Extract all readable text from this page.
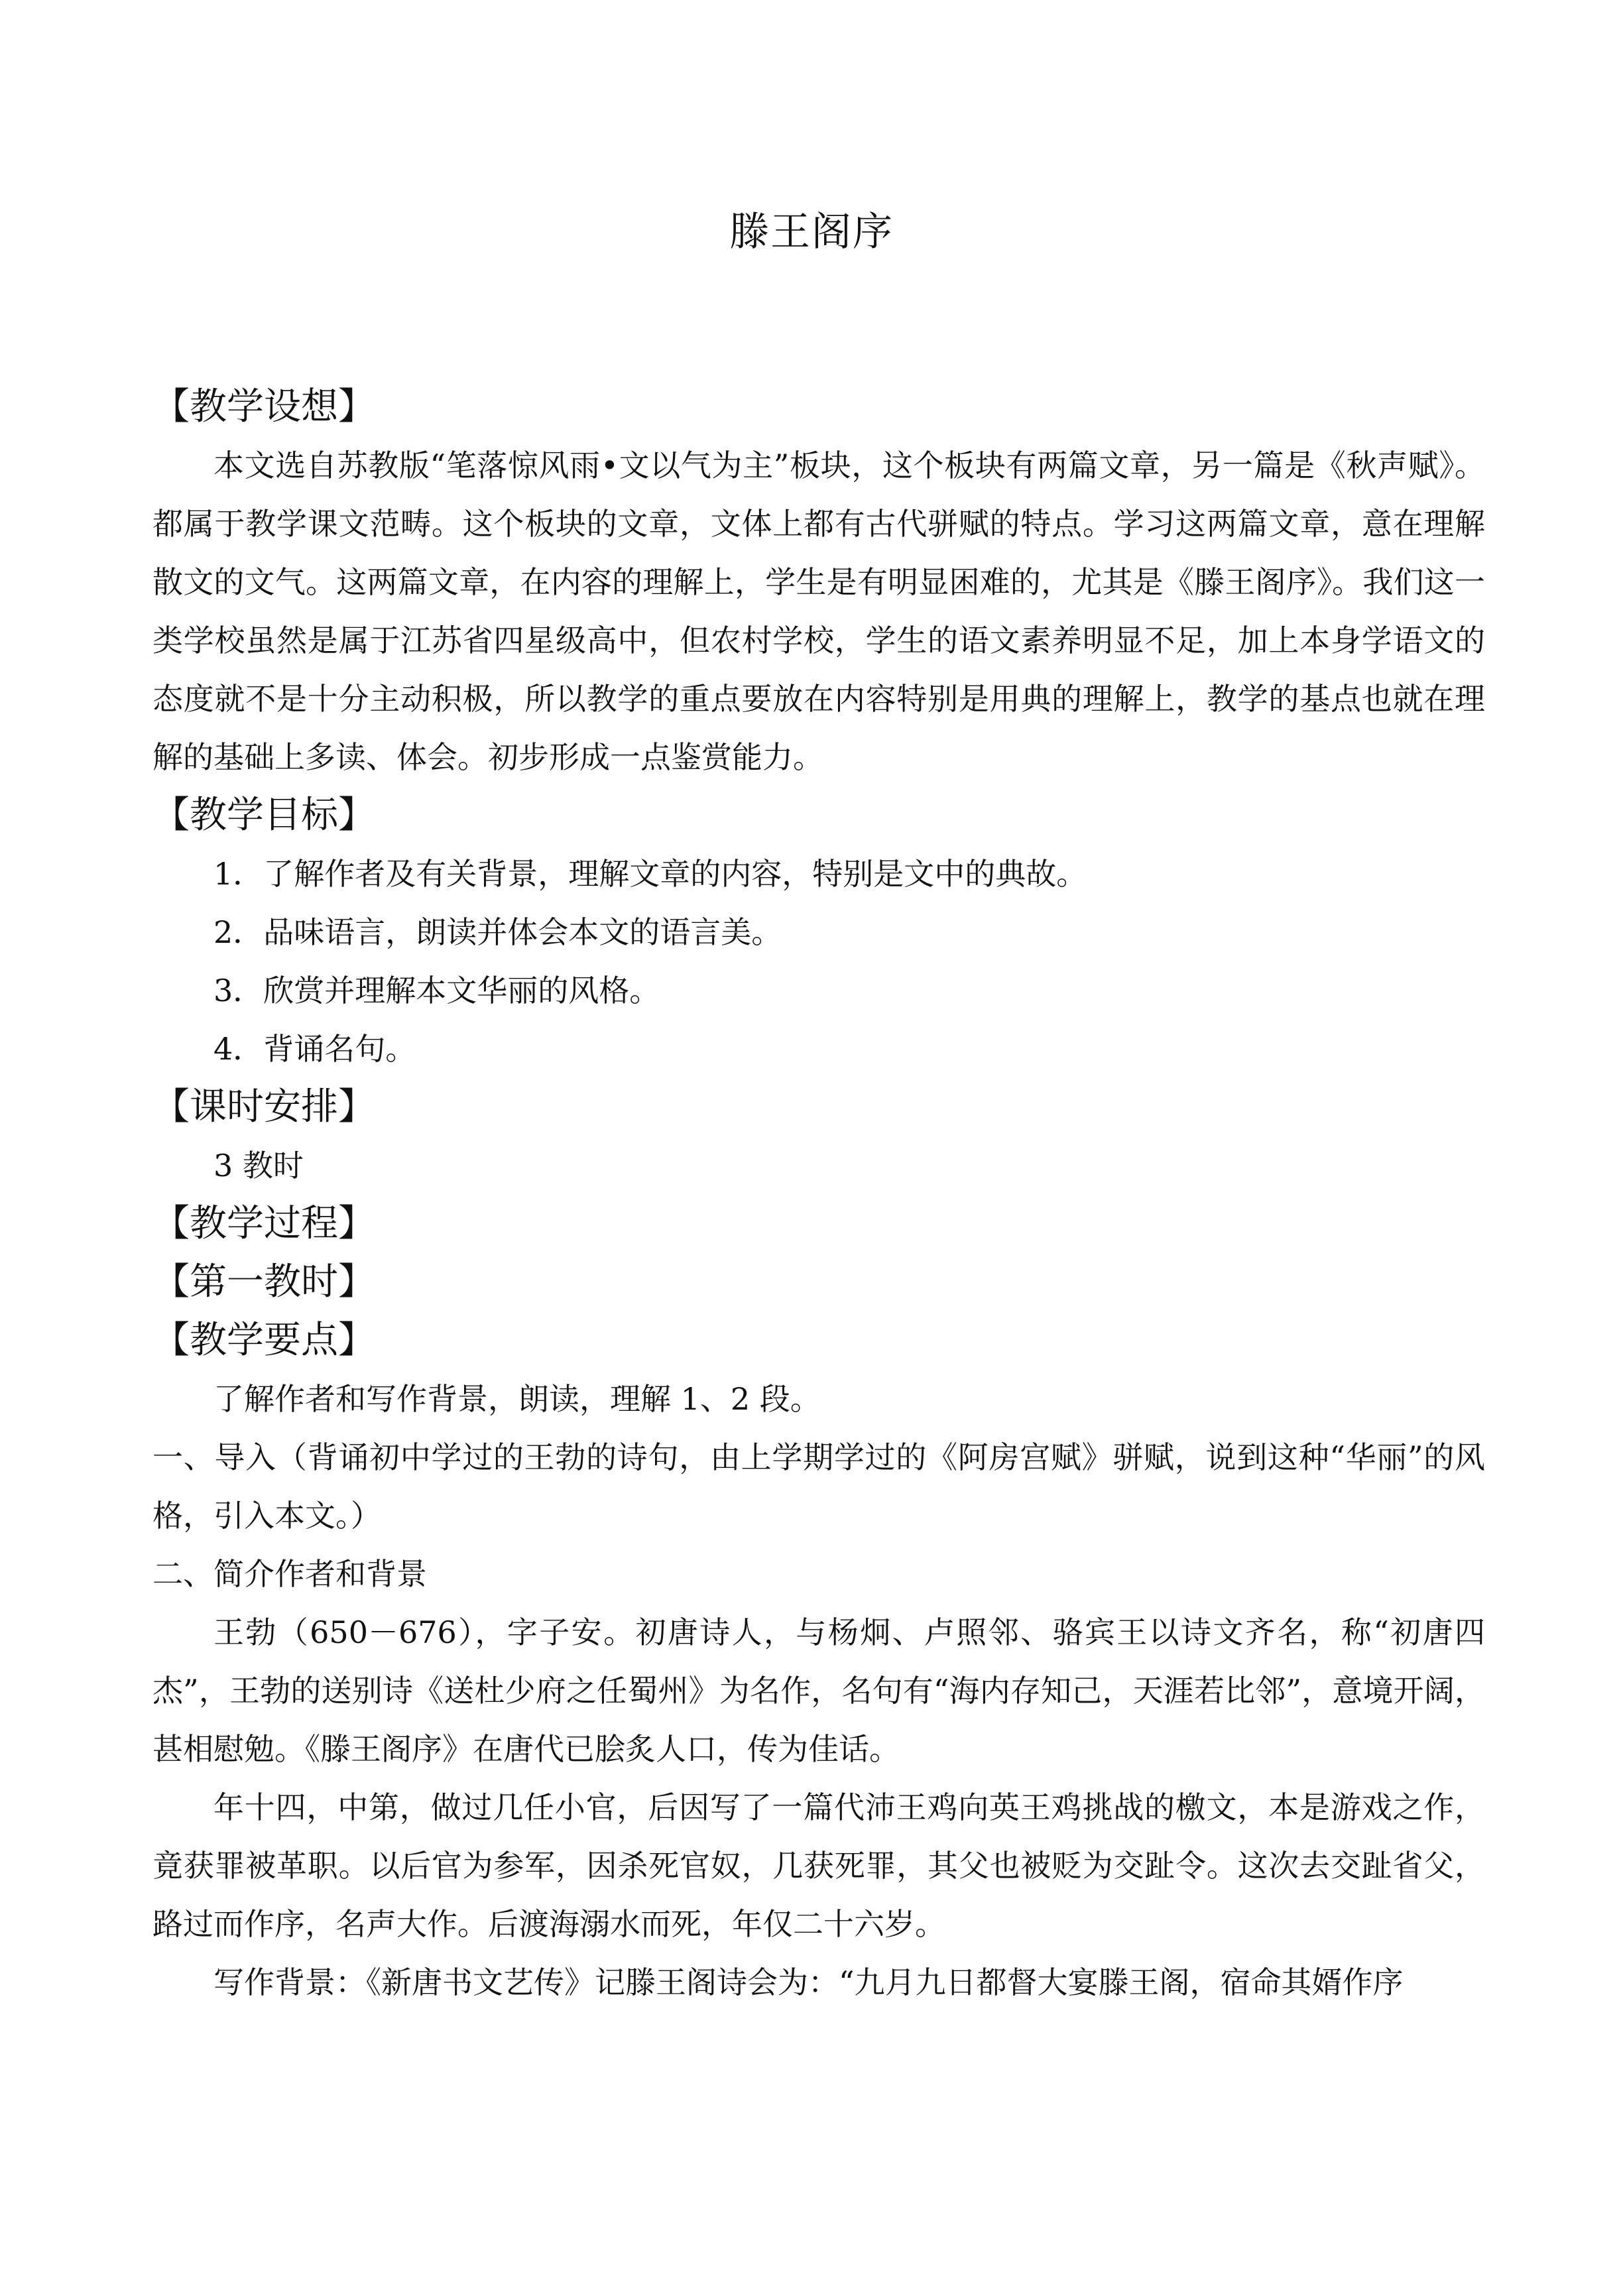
滕王阁序
【教学设想】

本文选自苏教版“笔落惊风雨•文以气为主”板块，这个板块有两篇文章，另一篇是《秋声赋》。都属于教学课文范畴。这个板块的文章，文体上都有古代骈赋的特点。学习这两篇文章，意在理解散文的文气。这两篇文章，在内容的理解上，学生是有明显困难的，尤其是《滕王阁序》。我们这一类学校虽然是属于江苏省四星级高中，但农村学校，学生的语文素养明显不足，加上本身学语文的态度就不是十分主动积极，所以教学的重点要放在内容特别是用典的理解上，教学的基点也就在理解的基础上多读、体会。初步形成一点鉴赏能力。

【教学目标】
1．了解作者及有关背景，理解文章的内容，特别是文中的典故。
2．品味语言，朗读并体会本文的语言美。
3．欣赏并理解本文华丽的风格。
4．背诵名句。
【课时安排】
3 教时
【教学过程】
【第一教时】
【教学要点】
了解作者和写作背景，朗读，理解 1、2 段。

一、导入（背诵初中学过的王勃的诗句，由上学期学过的《阿房宫赋》骈赋，说到这种“华丽”的风格，引入本文。）

二、简介作者和背景

王勃（650－676），字子安。初唐诗人，与杨炯、卢照邻、骆宾王以诗文齐名，称“初唐四杰”，王勃的送别诗《送杜少府之任蜀州》为名作，名句有“海内存知己，天涯若比邻”，意境开阔，甚相慰勉。《滕王阁序》在唐代已脍炙人口，传为佳话。

年十四，中第，做过几任小官，后因写了一篇代沛王鸡向英王鸡挑战的檄文，本是游戏之作，竟获罪被革职。以后官为参军，因杀死官奴，几获死罪，其父也被贬为交趾令。这次去交趾省父，路过而作序，名声大作。后渡海溺水而死，年仅二十六岁。

写作背景：《新唐书文艺传》记滕王阁诗会为：“九月九日都督大宴滕王阁，宿命其婿作序
